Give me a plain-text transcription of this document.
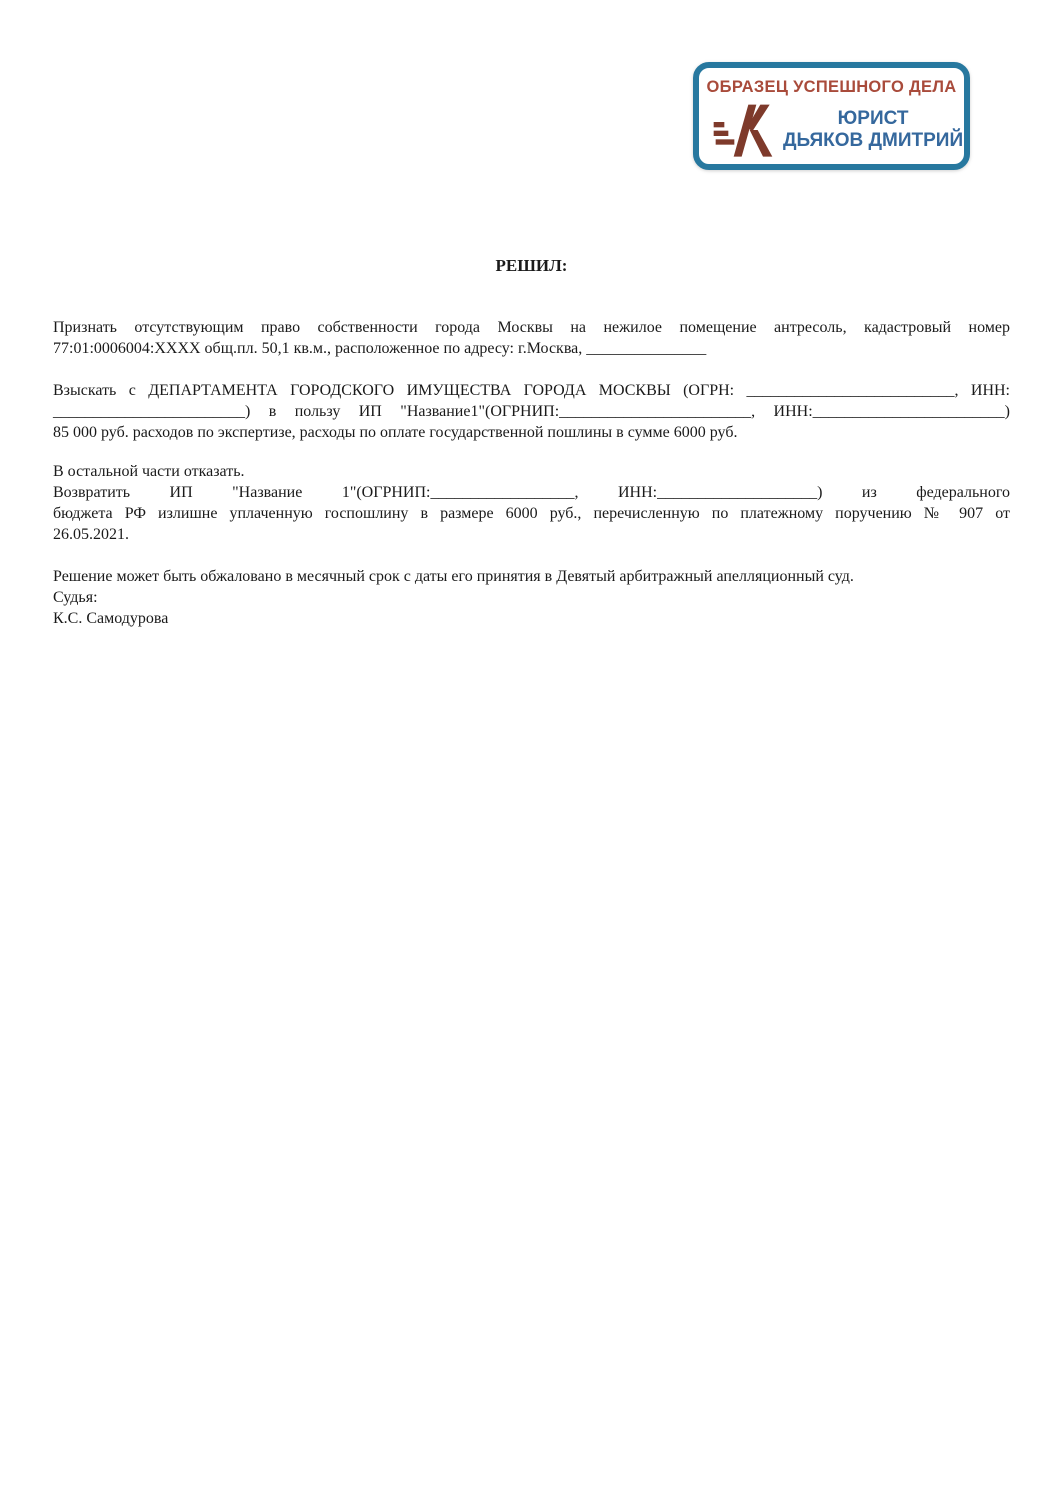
ОБРАЗЕЦ УСПЕШНОГО ДЕЛА
ЮРИСТ
ДЬЯКОВ ДМИТРИЙ
РЕШИЛ:
Признать отсутствующим право собственности города Москвы на нежилое помещение антресоль, кадастровый номер
77:01:0006004:XXXX общ.пл. 50,1 кв.м., расположенное по адресу: г.Москва, _______________
Взыскать с ДЕПАРТАМЕНТА ГОРОДСКОГО ИМУЩЕСТВА ГОРОДА МОСКВЫ (ОГРН: __________________________, ИНН:
________________________) в пользу ИП "Название1"(ОГРНИП:________________________, ИНН:________________________)
85 000 руб. расходов по экспертизе, расходы по оплате государственной пошлины в сумме 6000 руб.
В остальной части отказать.
Возвратить ИП "Название 1"(ОГРНИП:__________________, ИНН:____________________) из федерального
бюджета РФ излишне уплаченную госпошлину в размере 6000 руб., перечисленную по платежному поручению № 907 от
26.05.2021.
Решение может быть обжаловано в месячный срок с даты его принятия в Девятый арбитражный апелляционный суд.
Судья:
К.С. Самодурова
